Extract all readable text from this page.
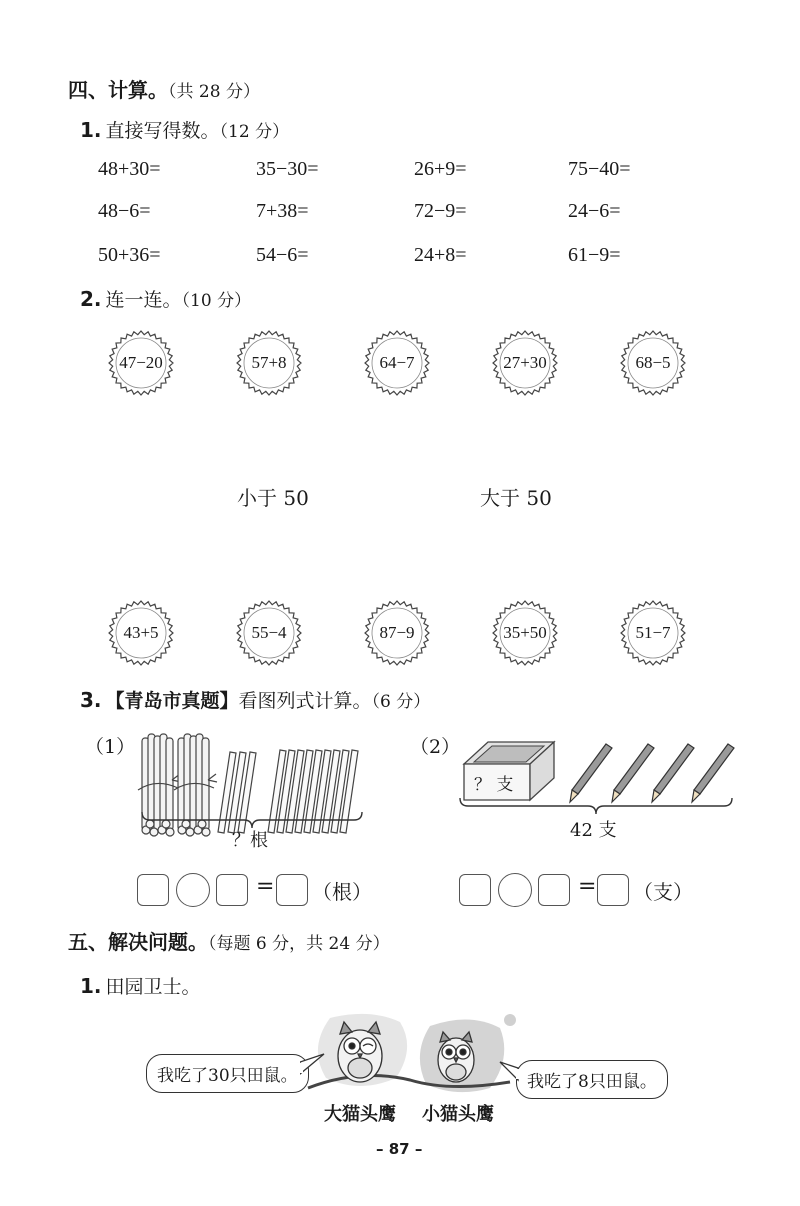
四、计算。（共 28 分）
1. 直接写得数。（12 分）
48+30=	35−30=	26+9=	75−40=
48−6=	7+38=	72−9=	24−6=
50+36=	54−6=	24+8=	61−9=
2. 连一连。（10 分）
47−20	57+8	64−7	27+30	68−5
小于 50	大于 50
43+5	55−4	87−9	35+50	51−7
3. 【青岛市真题】看图列式计算。（6 分）
（1）
？根
= （根）
（2）
？ 支
42 支
= （支）
五、解决问题。（每题 6 分，共 24 分）
1. 田园卫士。
我吃了30只田鼠。	我吃了8只田鼠。
大猫头鹰 小猫头鹰
– 87 –
